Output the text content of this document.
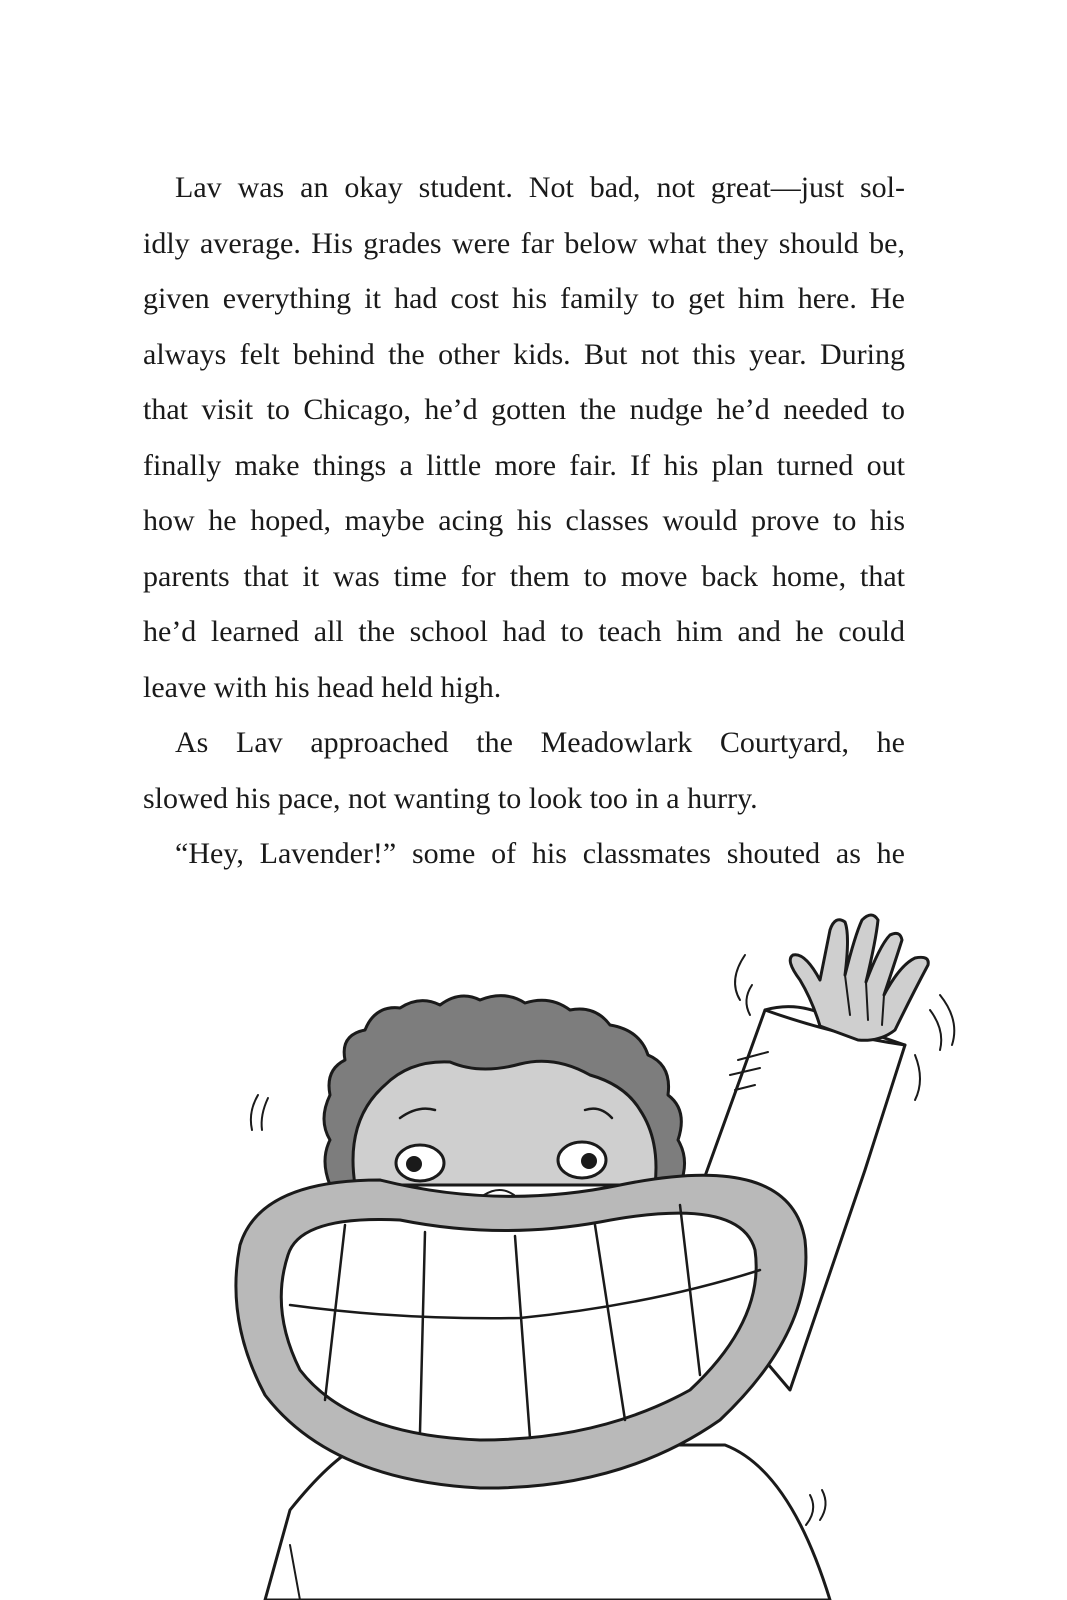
Lav was an okay student. Not bad, not great—just sol-
idly average. His grades were far below what they should be,
given everything it had cost his family to get him here. He
always felt behind the other kids. But not this year. During
that visit to Chicago, he’d gotten the nudge he’d needed to
finally make things a little more fair. If his plan turned out
how he hoped, maybe acing his classes would prove to his
parents that it was time for them to move back home, that
he’d learned all the school had to teach him and he could
leave with his head held high.
As Lav approached the Meadowlark Courtyard, he
slowed his pace, not wanting to look too in a hurry.
“Hey, Lavender!” some of his classmates shouted as he
